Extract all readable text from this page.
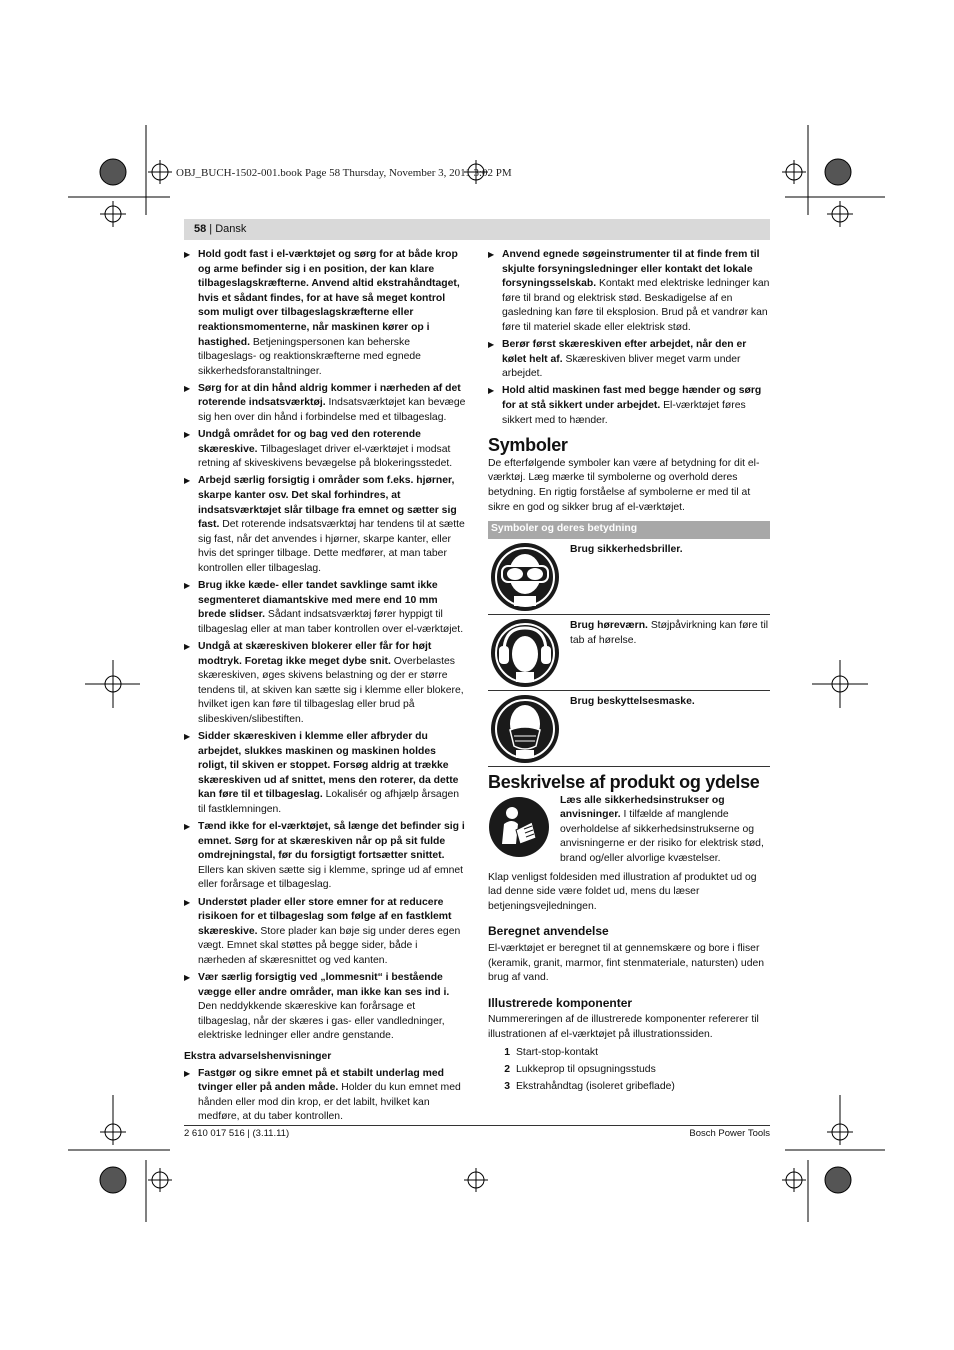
OBJ_BUCH-1502-001.book Page 58 Thursday, November 3, 2011 3:02 PM
58 | Dansk
▶ Hold godt fast i el-værktøjet og sørg for at både krop og arme befinder sig i en position, der kan klare tilbageslagskræfterne. Anvend altid ekstrahåndtaget, hvis et sådant findes, for at have så meget kontrol som muligt over tilbageslagskræfterne eller reaktionsmomenterne, når maskinen kører op i hastighed. Betjeningspersonen kan beherske tilbageslags- og reaktionskræfterne med egnede sikkerhedsforanstaltninger.
▶ Sørg for at din hånd aldrig kommer i nærheden af det roterende indsatsværktøj. Indsatsværktøjet kan bevæge sig hen over din hånd i forbindelse med et tilbageslag.
▶ Undgå området for og bag ved den roterende skæreskive. Tilbageslaget driver el-værktøjet i modsat retning af skiveskivens bevægelse på blokeringsstedet.
▶ Arbejd særlig forsigtig i områder som f.eks. hjørner, skarpe kanter osv. Det skal forhindres, at indsatsværktøjet slår tilbage fra emnet og sætter sig fast. Det roterende indsatsværktøj har tendens til at sætte sig fast, når det anvendes i hjørner, skarpe kanter, eller hvis det springer tilbage. Dette medfører, at man taber kontrollen eller tilbageslag.
▶ Brug ikke kæde- eller tandet savklinge samt ikke segmenteret diamantskive med mere end 10 mm brede slidser. Sådant indsatsværktøj fører hyppigt til tilbageslag eller at man taber kontrollen over el-værktøjet.
▶ Undgå at skæreskiven blokerer eller får for højt modtryk. Foretag ikke meget dybe snit. Overbelastes skæreskiven, øges skivens belastning og der er større tendens til, at skiven kan sætte sig i klemme eller blokere, hvilket igen kan føre til tilbageslag eller brud på slibeskiven/slibestiften.
▶ Sidder skæreskiven i klemme eller afbryder du arbejdet, slukkes maskinen og maskinen holdes roligt, til skiven er stoppet. Forsøg aldrig at trække skæreskiven ud af snittet, mens den roterer, da dette kan føre til et tilbageslag. Lokalisér og afhjælp årsagen til fastklemningen.
▶ Tænd ikke for el-værktøjet, så længe det befinder sig i emnet. Sørg for at skæreskiven når op på sit fulde omdrejningstal, før du forsigtigt fortsætter snittet. Ellers kan skiven sætte sig i klemme, springe ud af emnet eller forårsage et tilbageslag.
▶ Understøt plader eller store emner for at reducere risikoen for et tilbageslag som følge af en fastklemt skæreskive. Store plader kan bøje sig under deres egen vægt. Emnet skal støttes på begge sider, både i nærheden af skæresnittet og ved kanten.
▶ Vær særlig forsigtig ved „lommesnit“ i bestående vægge eller andre områder, man ikke kan ses ind i. Den neddykkende skæreskive kan forårsage et tilbageslag, når der skæres i gas- eller vandledninger, elektriske ledninger eller andre genstande.
Ekstra advarselshenvisninger
▶ Fastgør og sikre emnet på et stabilt underlag med tvinger eller på anden måde. Holder du kun emnet med hånden eller mod din krop, er det labilt, hvilket kan medføre, at du taber kontrollen.
▶ Anvend egnede søgeinstrumenter til at finde frem til skjulte forsyningsledninger eller kontakt det lokale forsyningsselskab. Kontakt med elektriske ledninger kan føre til brand og elektrisk stød. Beskadigelse af en gasledning kan føre til eksplosion. Brud på et vandrør kan føre til materiel skade eller elektrisk stød.
▶ Berør først skæreskiven efter arbejdet, når den er kølet helt af. Skæreskiven bliver meget varm under arbejdet.
▶ Hold altid maskinen fast med begge hænder og sørg for at stå sikkert under arbejdet. El-værktøjet føres sikkert med to hænder.
Symboler

De efterfølgende symboler kan være af betydning for dit el-værktøj. Læg mærke til symbolerne og overhold deres betydning. En rigtig forståelse af symbolerne er med til at sikre en god og sikker brug af el-værktøjet.

Symboler og deres betydning
Brug sikkerhedsbriller.
Brug høreværn. Støjpåvirkning kan føre til tab af hørelse.
Brug beskyttelsesmaske.
Beskrivelse af produkt og ydelse
Læs alle sikkerhedsinstrukser og anvisninger. I tilfælde af manglende overholdelse af sikkerhedsinstrukserne og anvisningerne er der risiko for elektrisk stød, brand og/eller alvorlige kvæstelser.

Klap venligst foldesiden med illustration af produktet ud og lad denne side være foldet ud, mens du læser betjeningsvejledningen.

Beregnet anvendelse

El-værktøjet er beregnet til at gennemskære og bore i fliser (keramik, granit, marmor, fint stenmateriale, natursten) uden brug af vand.

Illustrerede komponenter

Nummereringen af de illustrerede komponenter refererer til illustrationen af el-værktøjet på illustrationssiden.

1 Start-stop-kontakt
2 Lukkeprop til opsugningsstuds
3 Ekstrahåndtag (isoleret gribeflade)
2 610 017 516 | (3.11.11)	Bosch Power Tools
